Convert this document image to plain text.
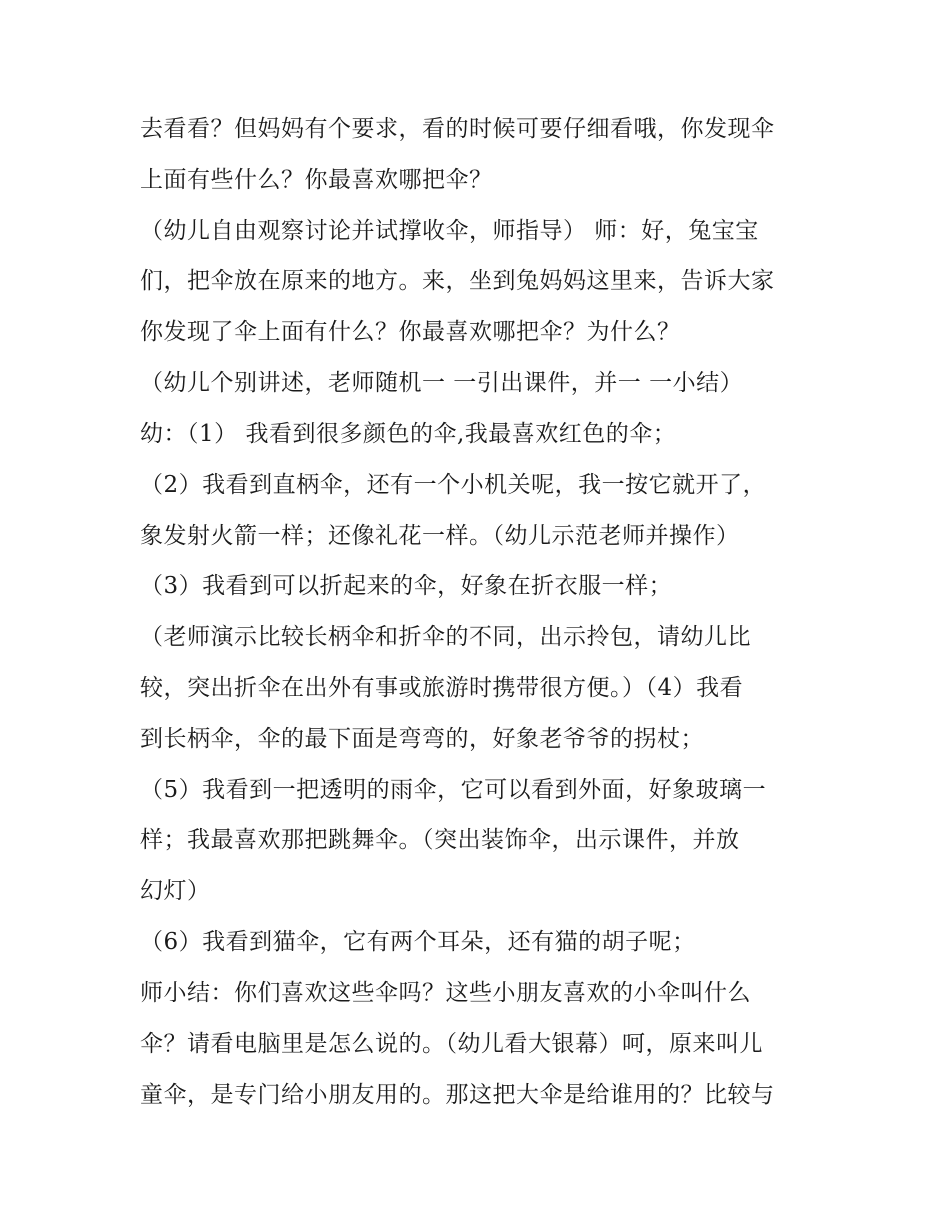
去看看？但妈妈有个要求，看的时候可要仔细看哦，你发现伞
上面有些什么？你最喜欢哪把伞？
（幼儿自由观察讨论并试撑收伞，师指导） 师：好，兔宝宝
们，把伞放在原来的地方。来，坐到兔妈妈这里来，告诉大家
你发现了伞上面有什么？你最喜欢哪把伞？为什么？
（幼儿个别讲述，老师随机一 一引出课件，并一 一小结）
幼：（1） 我看到很多颜色的伞,我最喜欢红色的伞；
（2）我看到直柄伞，还有一个小机关呢，我一按它就开了，
象发射火箭一样；还像礼花一样。（幼儿示范老师并操作）
（3）我看到可以折起来的伞，好象在折衣服一样；
（老师演示比较长柄伞和折伞的不同，出示拎包，请幼儿比
较，突出折伞在出外有事或旅游时携带很方便。）（4）我看
到长柄伞，伞的最下面是弯弯的，好象老爷爷的拐杖；
（5）我看到一把透明的雨伞，它可以看到外面，好象玻璃一
样；我最喜欢那把跳舞伞。（突出装饰伞，出示课件，并放
幻灯）
（6）我看到猫伞，它有两个耳朵，还有猫的胡子呢；
师小结：你们喜欢这些伞吗？这些小朋友喜欢的小伞叫什么
伞？请看电脑里是怎么说的。（幼儿看大银幕）呵，原来叫儿
童伞，是专门给小朋友用的。那这把大伞是给谁用的？比较与
